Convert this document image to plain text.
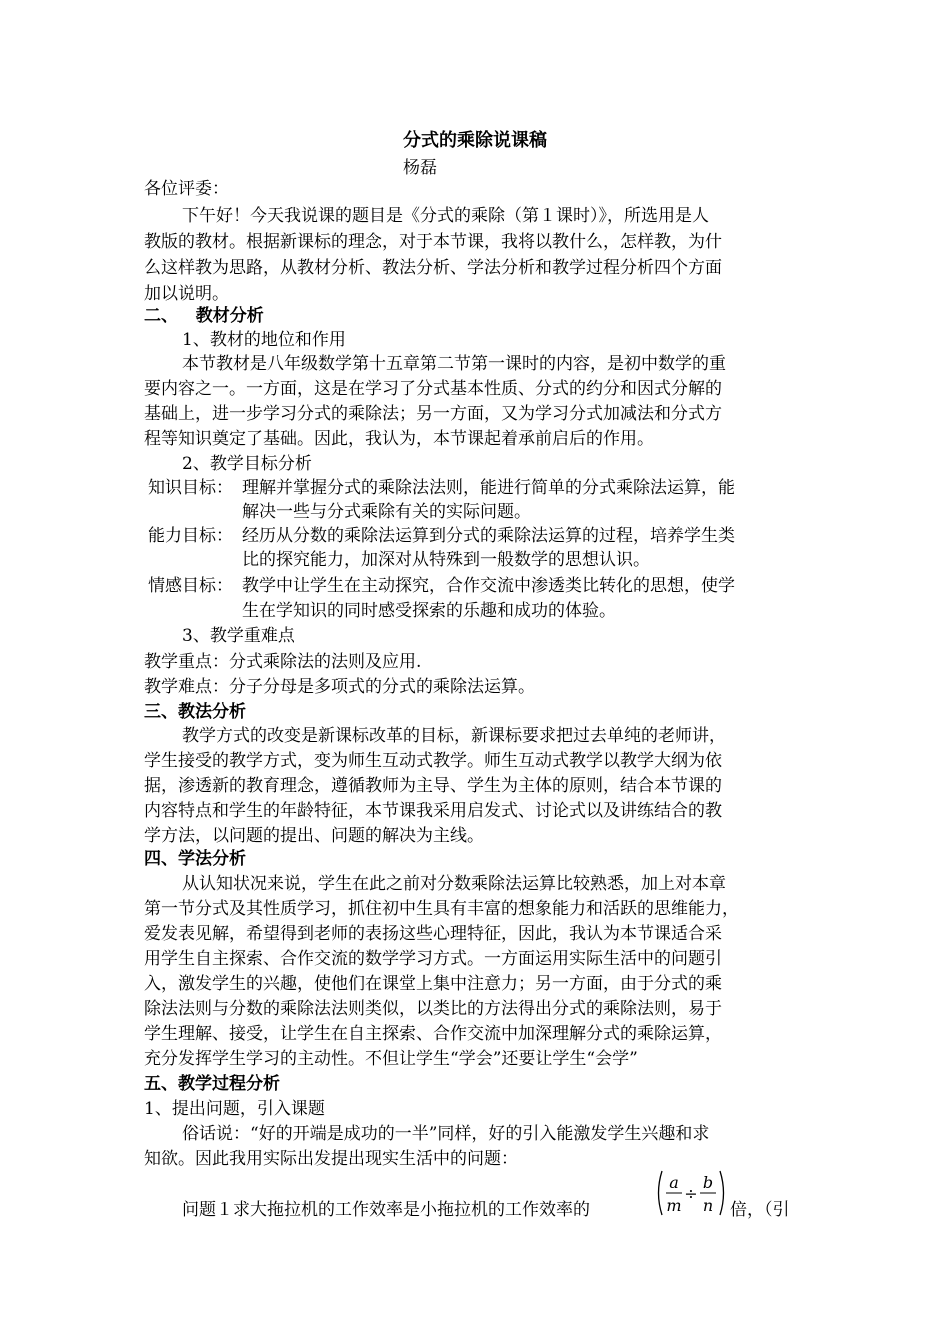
分式的乘除说课稿
杨磊
各位评委：
下午好！今天我说课的题目是《分式的乘除（第１课时）》，所选用是人
教版的教材。根据新课标的理念，对于本节课，我将以教什么，怎样教，为什
么这样教为思路，从教材分析、教法分析、学法分析和教学过程分析四个方面
加以说明。
二、   教材分析
1、教材的地位和作用
本节教材是八年级数学第十五章第二节第一课时的内容，是初中数学的重
要内容之一。一方面，这是在学习了分式基本性质、分式的约分和因式分解的
基础上，进一步学习分式的乘除法；另一方面，又为学习分式加减法和分式方
程等知识奠定了基础。因此，我认为，本节课起着承前启后的作用。
2、教学目标分析
知识目标： 理解并掌握分式的乘除法法则，能进行简单的分式乘除法运算，能
解决一些与分式乘除有关的实际问题。
能力目标： 经历从分数的乘除法运算到分式的乘除法运算的过程，培养学生类
比的探究能力，加深对从特殊到一般数学的思想认识。
情感目标： 教学中让学生在主动探究，合作交流中渗透类比转化的思想，使学
生在学知识的同时感受探索的乐趣和成功的体验。
3、教学重难点
教学重点：分式乘除法的法则及应用.
教学难点：分子分母是多项式的分式的乘除法运算。
三、教法分析
教学方式的改变是新课标改革的目标，新课标要求把过去单纯的老师讲，
学生接受的教学方式，变为师生互动式教学。师生互动式教学以教学大纲为依
据，渗透新的教育理念，遵循教师为主导、学生为主体的原则，结合本节课的
内容特点和学生的年龄特征，本节课我采用启发式、讨论式以及讲练结合的教
学方法，以问题的提出、问题的解决为主线。
四、学法分析
从认知状况来说，学生在此之前对分数乘除法运算比较熟悉，加上对本章
第一节分式及其性质学习，抓住初中生具有丰富的想象能力和活跃的思维能力，
爱发表见解，希望得到老师的表扬这些心理特征，因此，我认为本节课适合采
用学生自主探索、合作交流的数学学习方式。一方面运用实际生活中的问题引
入，激发学生的兴趣，使他们在课堂上集中注意力；另一方面，由于分式的乘
除法法则与分数的乘除法法则类似，以类比的方法得出分式的乘除法则，易于
学生理解、接受，让学生在自主探索、合作交流中加深理解分式的乘除运算，
充分发挥学生学习的主动性。不但让学生“学会”还要让学生“会学”
五、教学过程分析
1、提出问题，引入课题
俗话说：“好的开端是成功的一半”同样，好的引入能激发学生兴趣和求
知欲。因此我用实际出发提出现实生活中的问题：
问题１求大拖拉机的工作效率是小拖拉机的工作效率的
a
m
÷
b
n 倍，（引
